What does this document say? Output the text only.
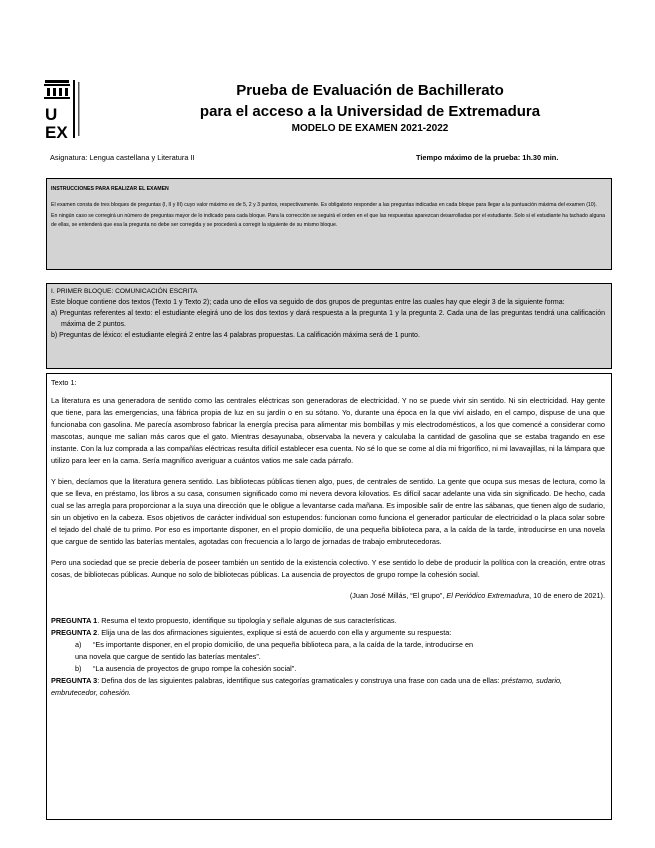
U
EX
Prueba de Evaluación de Bachillerato
para el acceso a la Universidad de Extremadura
MODELO DE EXAMEN 2021-2022
Asignatura: Lengua castellana y Literatura II	Tiempo máximo de la prueba: 1h.30 min.
INSTRUCCIONES PARA REALIZAR EL EXAMEN

El examen consta de tres bloques de preguntas (I, II y III) cuyo valor máximo es de 5, 2 y 3 puntos, respectivamente. Es obligatorio responder a las preguntas indicadas en cada bloque para llegar a la puntuación máxima del examen (10).

En ningún caso se corregirá un número de preguntas mayor de lo indicado para cada bloque. Para la corrección se seguirá el orden en el que las respuestas aparezcan desarrolladas por el estudiante. Solo si el estudiante ha tachado alguna de ellas, se entenderá que esa la pregunta no debe ser corregida y se procederá a corregir la siguiente de su mismo bloque.

I. PRIMER BLOQUE: COMUNICACIÓN ESCRITA

Este bloque contiene dos textos (Texto 1 y Texto 2); cada uno de ellos va seguido de dos grupos de preguntas entre las cuales hay que elegir 3 de la siguiente forma:

a) Preguntas referentes al texto: el estudiante elegirá uno de los dos textos y dará respuesta a la pregunta 1 y la pregunta 2. Cada una de las preguntas tendrá una calificación máxima de 2 puntos.

b) Preguntas de léxico: el estudiante elegirá 2 entre las 4 palabras propuestas. La calificación máxima será de 1 punto.

Texto 1:

La literatura es una generadora de sentido como las centrales eléctricas son generadoras de electricidad. Y no se puede vivir sin sentido. Ni sin electricidad. Hay gente que tiene, para las emergencias, una fábrica propia de luz en su jardín o en su sótano. Yo, durante una época en la que viví aislado, en el campo, dispuse de una que funcionaba con gasolina. Me parecía asombroso fabricar la energía precisa para alimentar mis bombillas y mis electrodomésticos, a los que comencé a considerar como mascotas, aunque me salían más caros que el gato. Mientras desayunaba, observaba la nevera y calculaba la cantidad de gasolina que se estaba tragando en ese instante. Con la luz comprada a las compañías eléctricas resulta difícil establecer esa cuenta. No sé lo que se come al día mi frigorífico, ni mi lavavajillas, ni la lámpara que utilizo para leer en la cama. Sería magnífico averiguar a cuántos vatios me sale cada párrafo.

Y bien, decíamos que la literatura genera sentido. Las bibliotecas públicas tienen algo, pues, de centrales de sentido. La gente que ocupa sus mesas de lectura, como la que se lleva, en préstamo, los libros a su casa, consumen significado como mi nevera devora kilovatios. Es difícil sacar adelante una vida sin significado. De hecho, cada cual se las arregla para proporcionar a la suya una dirección que le obligue a levantarse cada mañana. Es imposible salir de entre las sábanas, que tienen algo de sudario, sin un objetivo en la cabeza. Esos objetivos de carácter individual son estupendos: funcionan como funciona el generador particular de electricidad o la placa solar sobre el tejado del chalé de tu primo. Por eso es importante disponer, en el propio domicilio, de una pequeña biblioteca para, a la caída de la tarde, introducirse en una novela que cargue de sentido las baterías mentales, agotadas con frecuencia a lo largo de jornadas de trabajo embrutecedoras.

Pero una sociedad que se precie debería de poseer también un sentido de la existencia colectivo. Y ese sentido lo debe de producir la política con la creación, entre otras cosas, de bibliotecas públicas. Aunque no solo de bibliotecas públicas. La ausencia de proyectos de grupo rompe la cohesión social.

(Juan José Millás, “El grupo”, El Periódico Extremadura, 10 de enero de 2021).

PREGUNTA 1. Resuma el texto propuesto, identifique su tipología y señale algunas de sus características.

PREGUNTA 2. Elija una de las dos afirmaciones siguientes, explique si está de acuerdo con ella y argumente su respuesta:

a) “Es importante disponer, en el propio domicilio, de una pequeña biblioteca para, a la caída de la tarde, introducirse en

una novela que cargue de sentido las baterías mentales”.

b) “La ausencia de proyectos de grupo rompe la cohesión social”.

PREGUNTA 3: Defina dos de las siguientes palabras, identifique sus categorías gramaticales y construya una frase con cada una de ellas: préstamo, sudario, embrutecedor, cohesión.
